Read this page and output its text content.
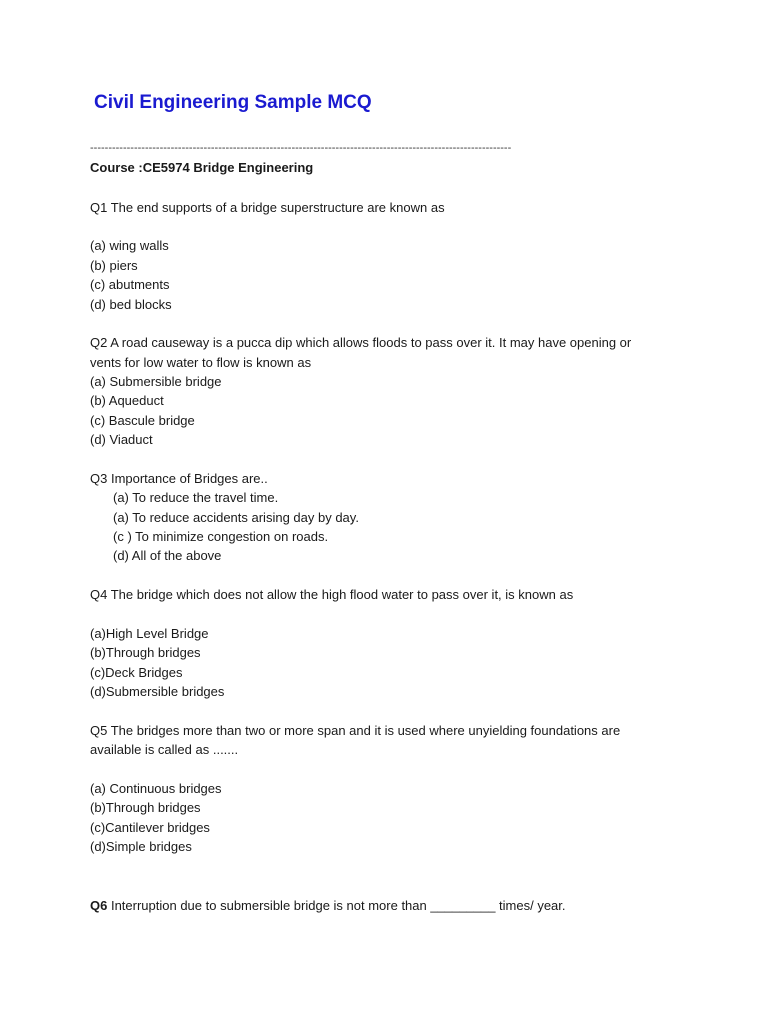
Civil Engineering Sample MCQ
-------------------------------------------------------------------------------------------------------------------
Course :CE5974 Bridge Engineering
Q1 The end supports of a bridge superstructure are known as
(a) wing walls
(b) piers
(c) abutments
(d) bed blocks
Q2 A road causeway is a pucca dip which allows floods to pass over it. It may have opening or
vents for low water to flow is known as
(a) Submersible bridge
(b) Aqueduct
(c) Bascule bridge
(d) Viaduct
Q3 Importance of Bridges are..
(a) To reduce the travel time.
(a) To reduce accidents arising day by day.
(c ) To minimize congestion on roads.
(d) All of the above
Q4 The bridge which does not allow the high flood water to pass over it, is known as
(a)High Level Bridge
(b)Through bridges
(c)Deck Bridges
(d)Submersible bridges
Q5 The bridges more than two or more span and it is used where unyielding foundations are
available is called as .......
(a) Continuous bridges
(b)Through bridges
(c)Cantilever bridges
(d)Simple bridges
Q6 Interruption due to submersible bridge is not more than _________ times/ year.
